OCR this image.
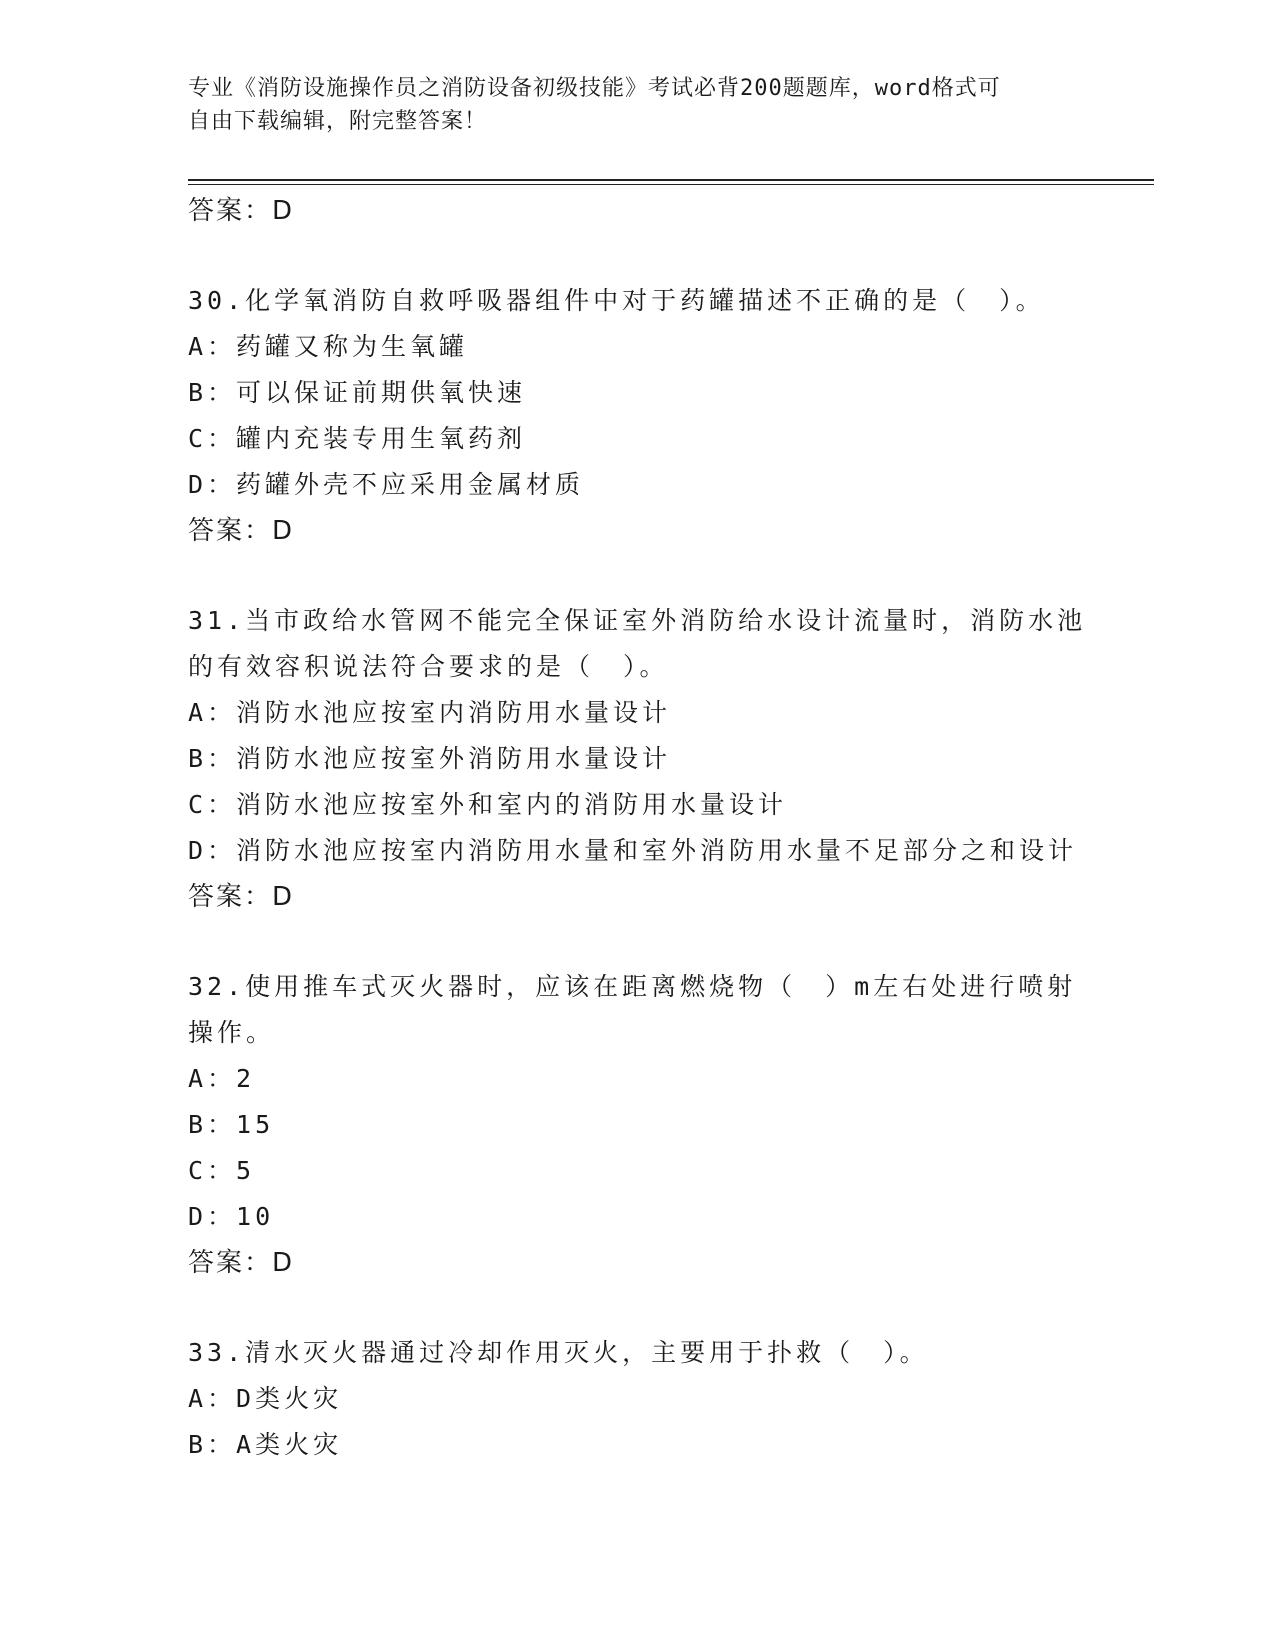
专业《消防设施操作员之消防设备初级技能》考试必背200题题库，word格式可
自由下载编辑，附完整答案！
答案：D
30.化学氧消防自救呼吸器组件中对于药罐描述不正确的是（　）。
A：药罐又称为生氧罐
B：可以保证前期供氧快速
C：罐内充装专用生氧药剂
D：药罐外壳不应采用金属材质
答案：D
31.当市政给水管网不能完全保证室外消防给水设计流量时，消防水池
的有效容积说法符合要求的是（　）。
A：消防水池应按室内消防用水量设计
B：消防水池应按室外消防用水量设计
C：消防水池应按室外和室内的消防用水量设计
D：消防水池应按室内消防用水量和室外消防用水量不足部分之和设计
答案：D
32.使用推车式灭火器时，应该在距离燃烧物（　）m左右处进行喷射
操作。
A：2
B：15
C：5
D：10
答案：D
33.清水灭火器通过冷却作用灭火，主要用于扑救（　）。
A：D类火灾
B：A类火灾
